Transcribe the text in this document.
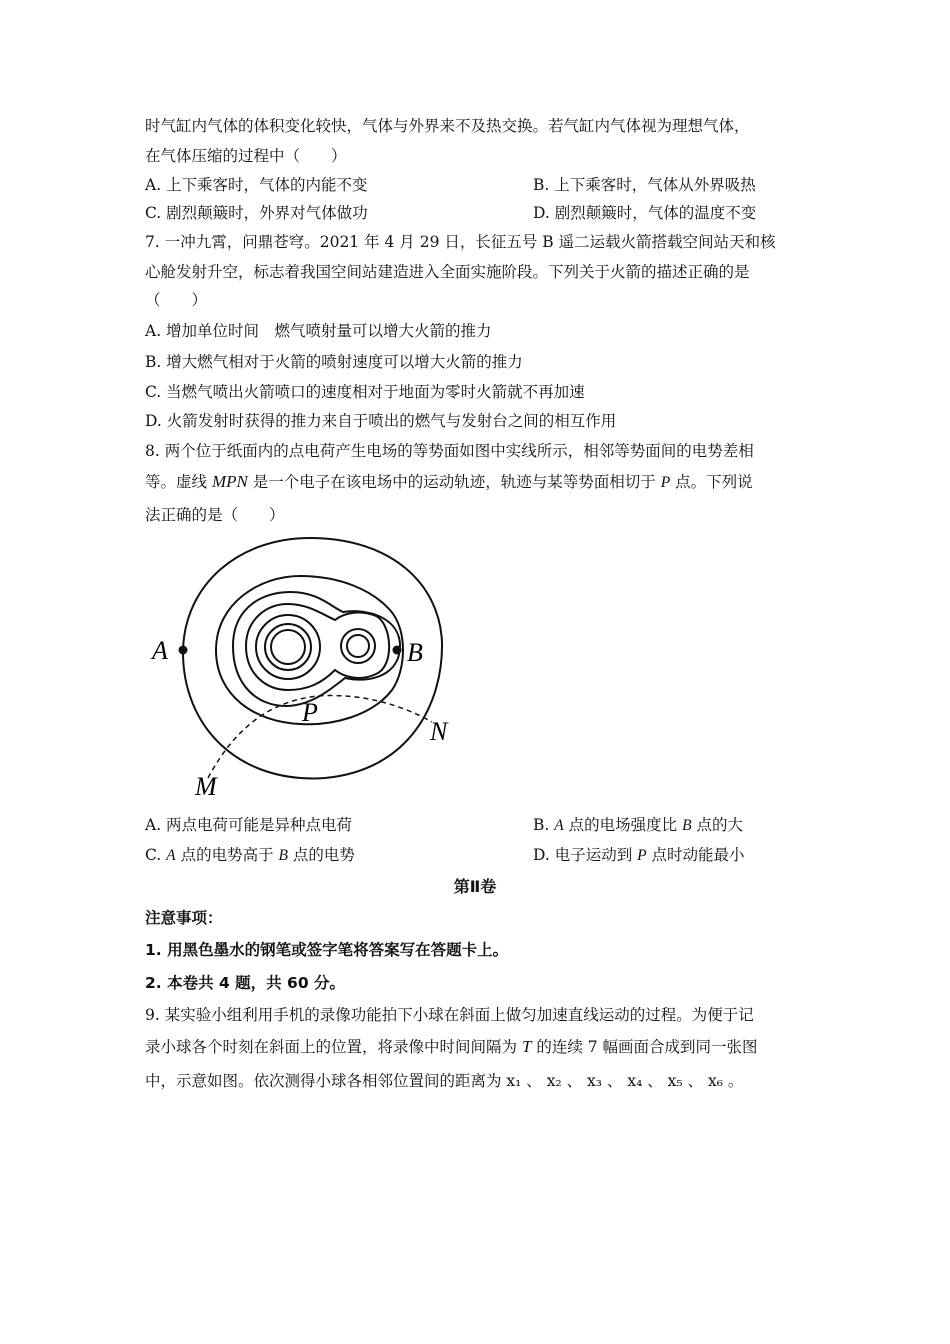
时气缸内气体的体积变化较快，气体与外界来不及热交换。若气缸内气体视为理想气体，
在气体压缩的过程中（　　）
A. 上下乘客时，气体的内能不变	B. 上下乘客时，气体从外界吸热
C. 剧烈颠簸时，外界对气体做功	D. 剧烈颠簸时，气体的温度不变
7. 一冲九霄，问鼎苍穹。2021 年 4 月 29 日，长征五号 B 遥二运载火箭搭载空间站天和核
心舱发射升空，标志着我国空间站建造进入全面实施阶段。下列关于火箭的描述正确的是
（　　）
A. 增加单位时间　燃气喷射量可以增大火箭的推力
B. 增大燃气相对于火箭的喷射速度可以增大火箭的推力
C. 当燃气喷出火箭喷口的速度相对于地面为零时火箭就不再加速
D. 火箭发射时获得的推力来自于喷出的燃气与发射台之间的相互作用
8. 两个位于纸面内的点电荷产生电场的等势面如图中实线所示，相邻等势面间的电势差相
等。虚线 MPN 是一个电子在该电场中的运动轨迹，轨迹与某等势面相切于 P 点。下列说
法正确的是（　　）
A	B
P
M
N
A. 两点电荷可能是异种点电荷	B. A 点的电场强度比 B 点的大
C. A 点的电势高于 B 点的电势	D. 电子运动到 P 点时动能最小
第Ⅱ卷
注意事项：
1. 用黑色墨水的钢笔或签字笔将答案写在答题卡上。
2. 本卷共 4 题，共 60 分。
9. 某实验小组利用手机的录像功能拍下小球在斜面上做匀加速直线运动的过程。为便于记
录小球各个时刻在斜面上的位置，将录像中时间间隔为 T 的连续 7 幅画面合成到同一张图
中，示意如图。依次测得小球各相邻位置间的距离为 x₁ 、 x₂ 、 x₃ 、 x₄ 、 x₅ 、 x₆ 。
